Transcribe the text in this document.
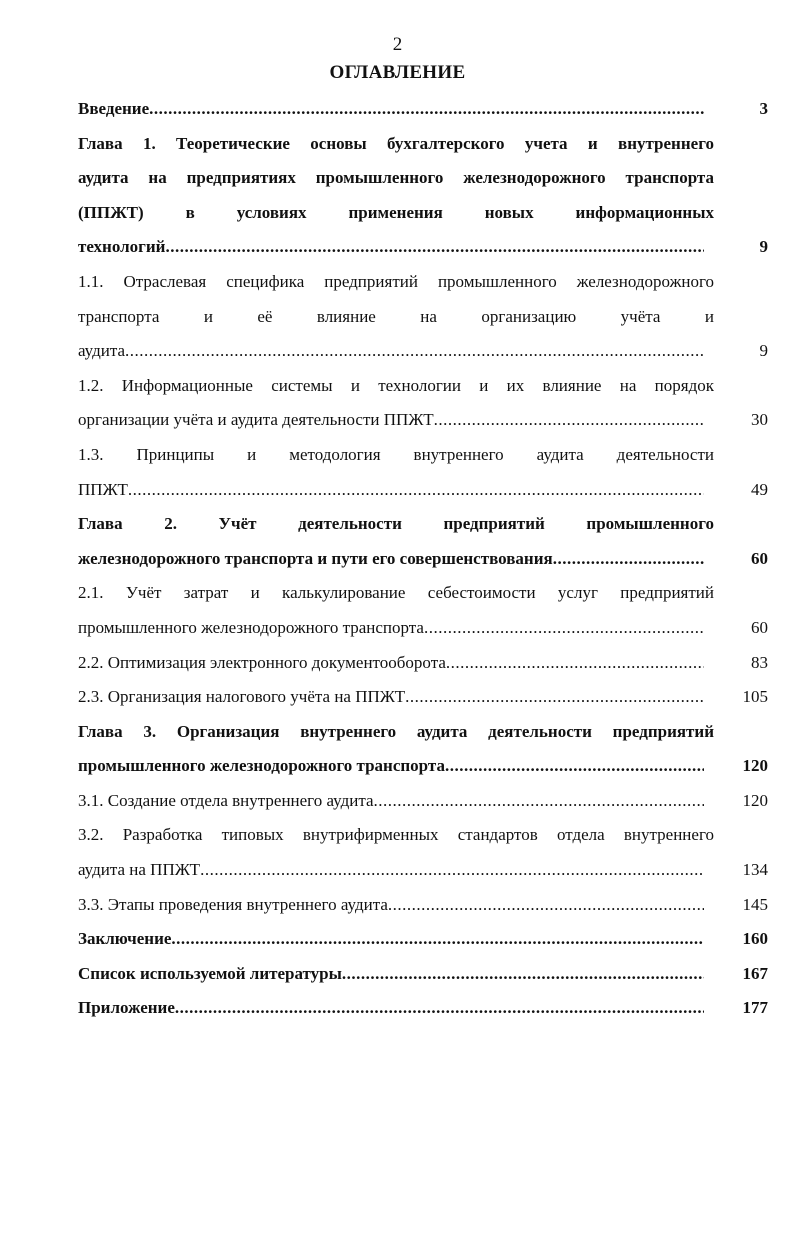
2
ОГЛАВЛЕНИЕ
Введение .....	3
Глава 1. Теоретические основы бухгалтерского учета и внутреннего
аудита на предприятиях промышленного железнодорожного транспорта
(ППЖТ) в условиях применения новых информационных
технологий .....	9
1.1. Отраслевая специфика предприятий промышленного железнодорожного
транспорта и её влияние на организацию учёта и
аудита .....	9
1.2. Информационные системы и технологии и их влияние на порядок
организации учёта и аудита деятельности ППЖТ .....	30
1.3. Принципы и методология внутреннего аудита деятельности
ППЖТ .....	49
Глава 2. Учёт деятельности предприятий промышленного
железнодорожного транспорта и пути его совершенствования .....	60
2.1. Учёт затрат и калькулирование себестоимости услуг предприятий
промышленного железнодорожного транспорта .....	60
2.2. Оптимизация электронного документооборота .....	83
2.3. Организация налогового учёта на ППЖТ .....	105
Глава 3. Организация внутреннего аудита деятельности предприятий
промышленного железнодорожного транспорта .....	120
3.1. Создание отдела внутреннего аудита .....	120
3.2. Разработка типовых внутрифирменных стандартов отдела внутреннего
аудита на ППЖТ .....	134
3.3. Этапы проведения внутреннего аудита .....	145
Заключение .....	160
Список используемой литературы .....	167
Приложение .....	177
